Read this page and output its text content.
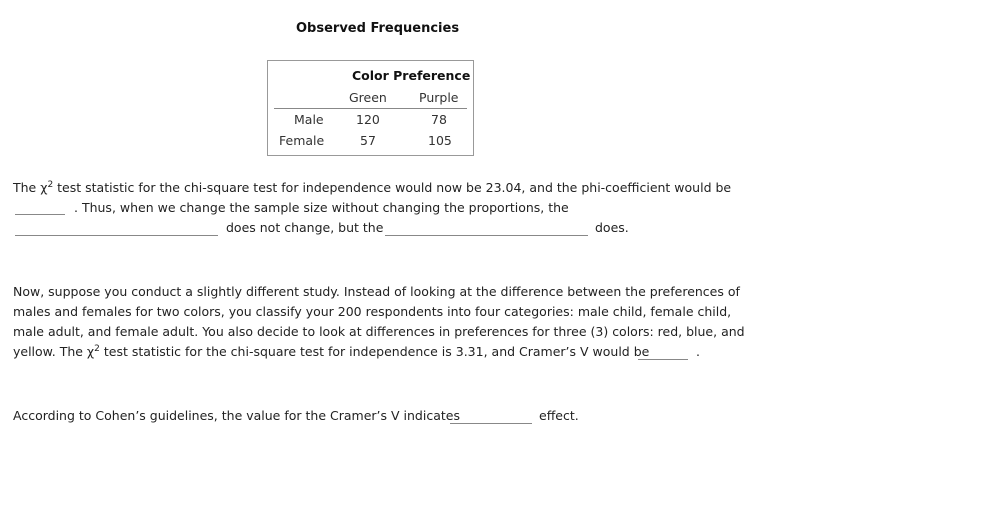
Observed Frequencies
Color Preference
Green	Purple
Male	120	78
Female	57	105
The $\chi^2$ test statistic for the chi-square test for independence would now be 23.04, and the phi-coefficient would be
. Thus, when we change the sample size without changing the proportions, the
does not change, but the	does.
Now, suppose you conduct a slightly different study. Instead of looking at the difference between the preferences of
males and females for two colors, you classify your 200 respondents into four categories: male child, female child,
male adult, and female adult. You also decide to look at differences in preferences for three (3) colors: red, blue, and
yellow. The $\chi^2$ test statistic for the chi-square test for independence is 3.31, and Cramer’s V would be	.
According to Cohen’s guidelines, the value for the Cramer’s V indicates	effect.
